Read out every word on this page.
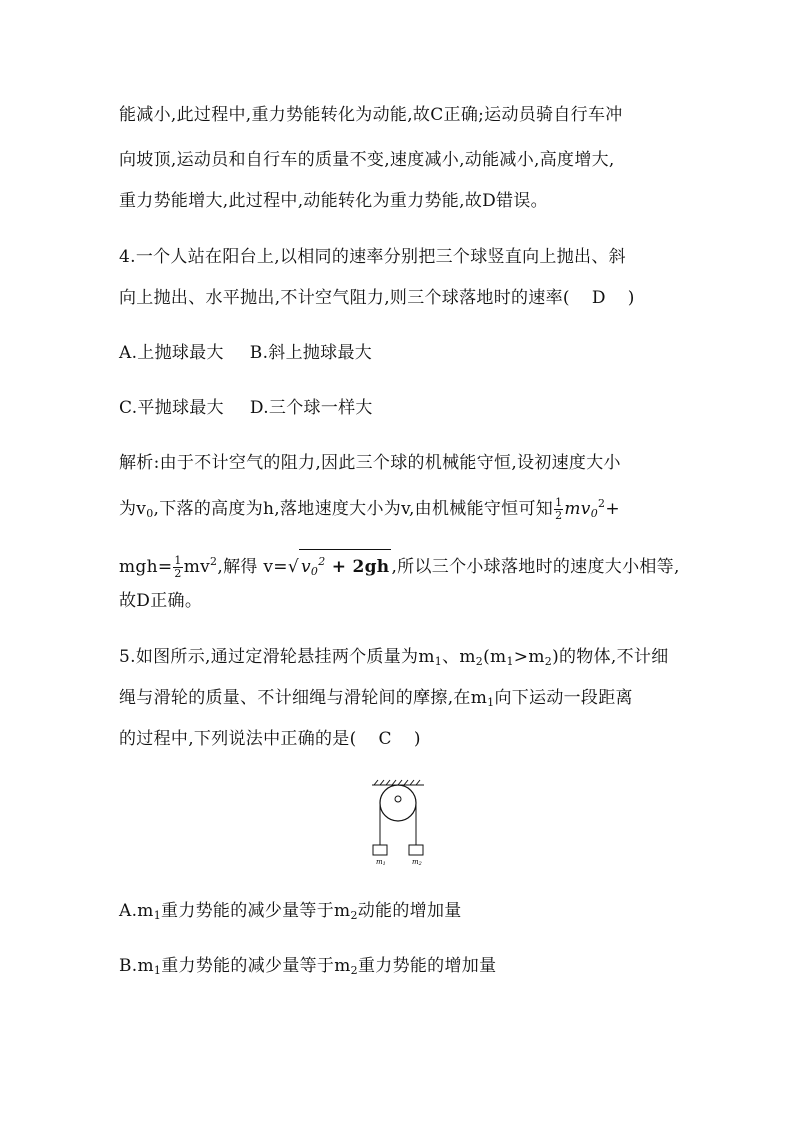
能减小,此过程中,重力势能转化为动能,故C正确;运动员骑自行车冲
向坡顶,运动员和自行车的质量不变,速度减小,动能减小,高度增大,
重力势能增大,此过程中,动能转化为重力势能,故D错误。
4.一个人站在阳台上,以相同的速率分别把三个球竖直向上抛出、斜
向上抛出、水平抛出,不计空气阻力,则三个球落地时的速率( D )
A.上抛球最大 B.斜上抛球最大
C.平抛球最大 D.三个球一样大
解析:由于不计空气的阻力,因此三个球的机械能守恒,设初速度大小
为$v_0$,下落的高度为h,落地速度大小为v,由机械能守恒可知 $\frac{1}{2} mv_0^2+$
$mgh= \frac{1}{2} mv^2$,解得 v=√ $v_0^2 + 2gh$ ,所以三个小球落地时的速度大小相等,
故D正确。
5.如图所示,通过定滑轮悬挂两个质量为$m_1$、$m_2(m_1>m_2)$的物体,不计细
绳与滑轮的质量、不计细绳与滑轮间的摩擦,在$m_1$向下运动一段距离
的过程中,下列说法中正确的是( C )
m1	m2
$A.m_1$重力势能的减少量等于$m_2$动能的增加量
$B.m_1$重力势能的减少量等于$m_2$重力势能的增加量
